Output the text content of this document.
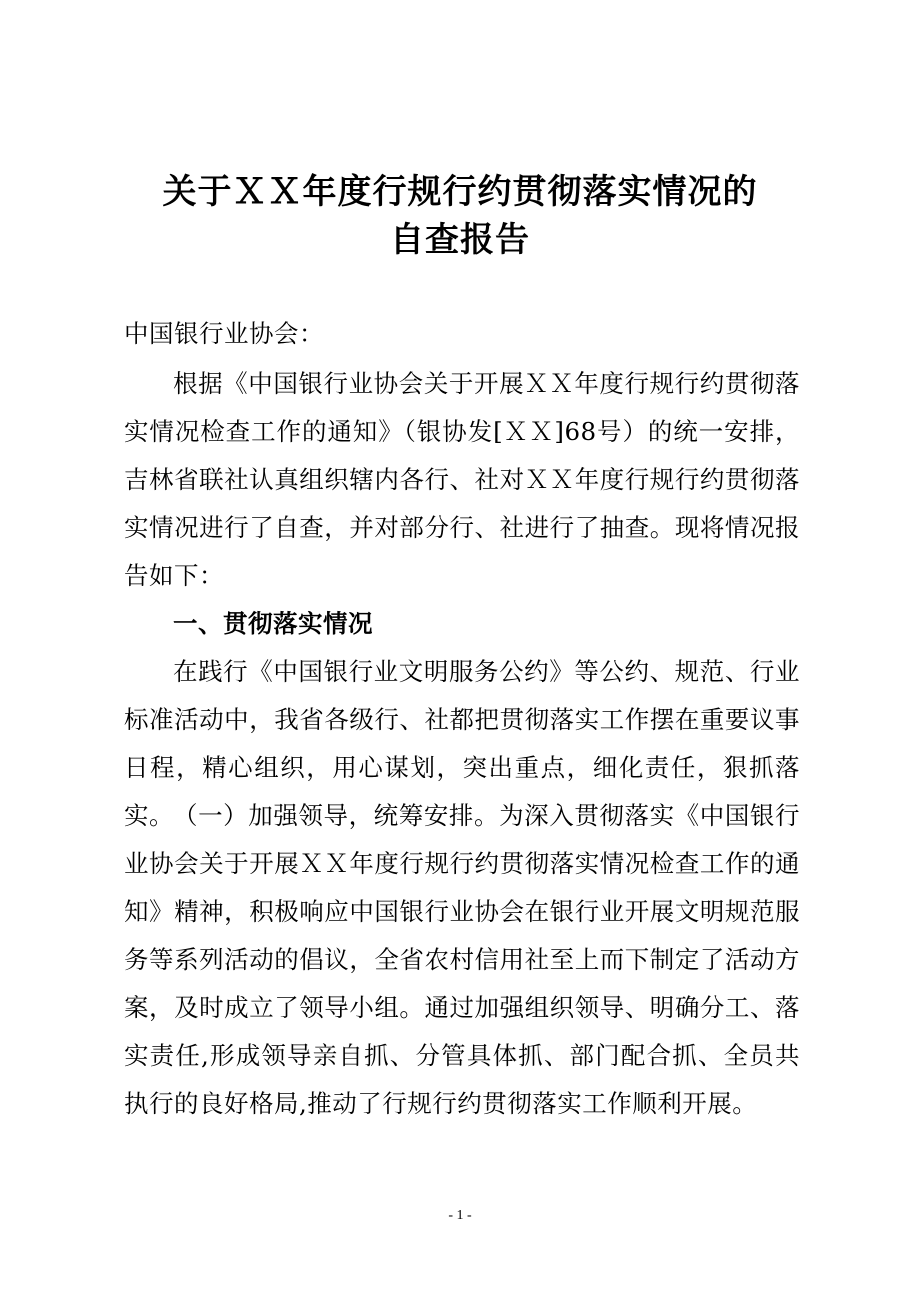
关于ＸＸ年度行规行约贯彻落实情况的
自查报告
中国银行业协会：
根据《中国银行业协会关于开展ＸＸ年度行规行约贯彻落实情况检查工作的通知》（银协发[ＸＸ]68号）的统一安排，吉林省联社认真组织辖内各行、社对ＸＸ年度行规行约贯彻落实情况进行了自查，并对部分行、社进行了抽查。现将情况报告如下：
一、贯彻落实情况
在践行《中国银行业文明服务公约》等公约、规范、行业标准活动中，我省各级行、社都把贯彻落实工作摆在重要议事日程，精心组织，用心谋划，突出重点，细化责任，狠抓落实。 （一）加强领导，统筹安排。为深入贯彻落实《中国银行业协会关于开展ＸＸ年度行规行约贯彻落实情况检查工作的通知》精神，积极响应中国银行业协会在银行业开展文明规范服务等系列活动的倡议，全省农村信用社至上而下制定了活动方案，及时成立了领导小组。通过加强组织领导、明确分工、落实责任,形成领导亲自抓、分管具体抓、部门配合抓、全员共执行的良好格局,推动了行规行约贯彻落实工作顺利开展。
- 1 -
